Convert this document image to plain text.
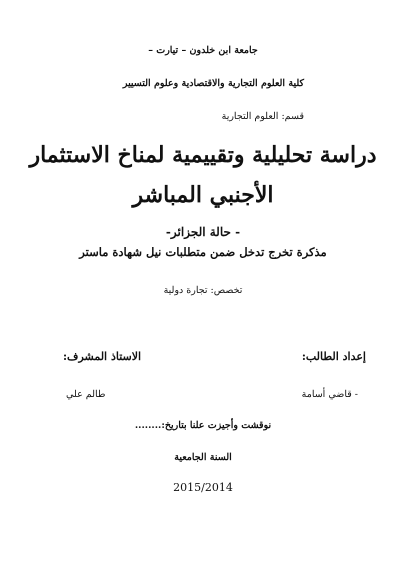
جامعة ابن خلدون – تيارت –
كلية العلوم التجارية والاقتصادية وعلوم التسيير
قسم: العلوم التجارية
دراسة تحليلية وتقييمية لمناخ الاستثمار
الأجنبي المباشر
- حالة الجزائر-
مذكرة تخرج تدخل ضمن متطلبات نيل شهادة ماستر
تخصص: تجارة دولية
إعداد الطالب:
الاستاذ المشرف:
- قاضي أسامة
طالم علي
نوقشت وأجيزت علنا بتاريخ:........
السنة الجامعية
2015/2014
